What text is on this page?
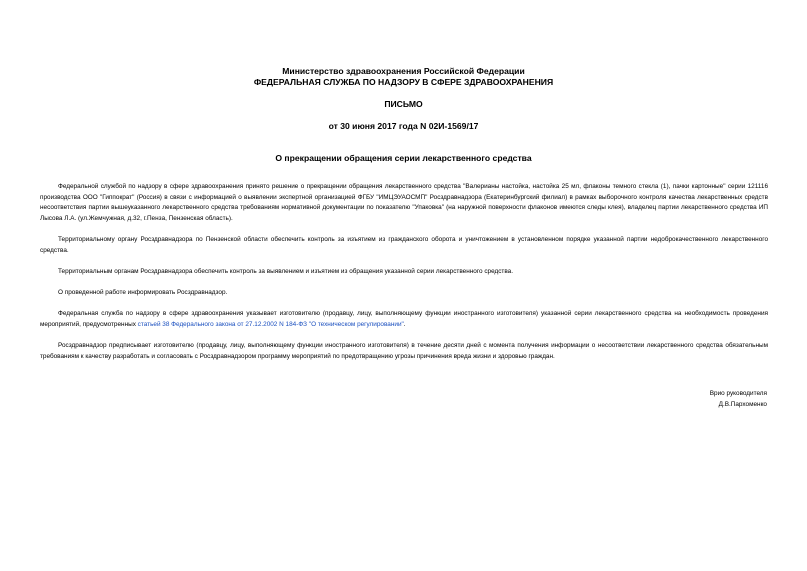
Министерство здравоохранения Российской Федерации
ФЕДЕРАЛЬНАЯ СЛУЖБА ПО НАДЗОРУ В СФЕРЕ ЗДРАВООХРАНЕНИЯ
ПИСЬМО
от 30 июня 2017 года N 02И-1569/17
О прекращении обращения серии лекарственного средства

Федеральной службой по надзору в сфере здравоохранения принято решение о прекращении обращения лекарственного средства "Валерианы настойка, настойка 25 мл, флаконы темного стекла (1), пачки картонные" серии 121116 производства ООО "Гиппократ" (Россия) в связи с информацией о выявлении экспертной организацией ФГБУ "ИМЦЭУАОСМП" Росздравнадзора (Екатеринбургский филиал) в рамках выборочного контроля качества лекарственных средств несоответствия партии вышеуказанного лекарственного средства требованиям нормативной документации по показателю "Упаковка" (на наружной поверхности флаконов имеются следы клея), владелец партии лекарственного средства ИП Лысова Л.А. (ул.Жемчужная, д.32, г.Пенза, Пензенская область).

Территориальному органу Росздравнадзора по Пензенской области обеспечить контроль за изъятием из гражданского оборота и уничтожением в установленном порядке указанной партии недоброкачественного лекарственного средства.

Территориальным органам Росздравнадзора обеспечить контроль за выявлением и изъятием из обращения указанной серии лекарственного средства.

О проведенной работе информировать Росздравнадзор.

Федеральная служба по надзору в сфере здравоохранения указывает изготовителю (продавцу, лицу, выполняющему функции иностранного изготовителя) указанной серии лекарственного средства на необходимость проведения мероприятий, предусмотренных статьей 38 Федерального закона от 27.12.2002 N 184-ФЗ "О техническом регулировании".

Росздравнадзор предписывает изготовителю (продавцу, лицу, выполняющему функции иностранного изготовителя) в течение десяти дней с момента получения информации о несоответствии лекарственного средства обязательным требованиям к качеству разработать и согласовать с Росздравнадзором программу мероприятий по предотвращению угрозы причинения вреда жизни и здоровью граждан.

Врио руководителя
Д.В.Пархоменко
